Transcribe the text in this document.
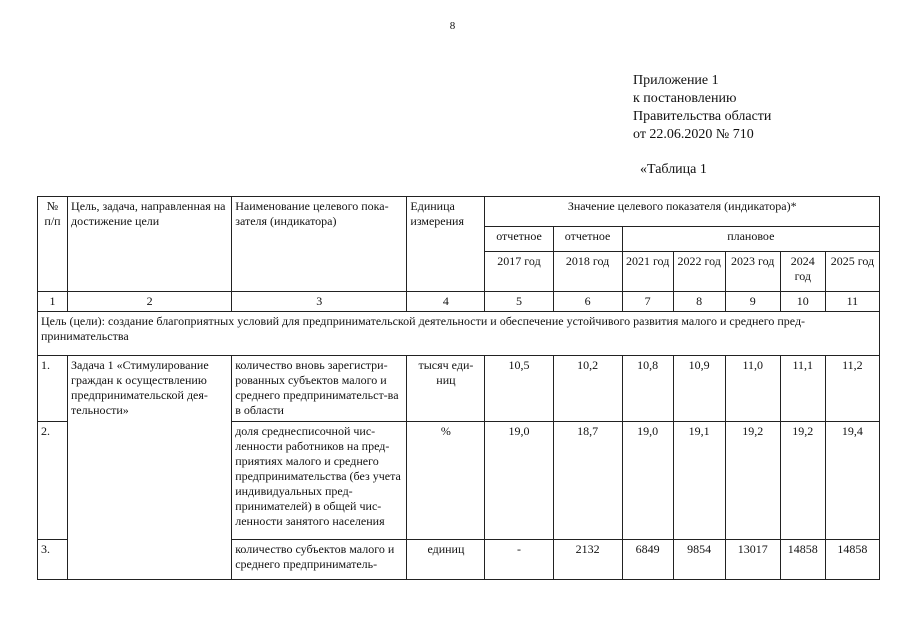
8
Приложение 1
к постановлению
Правительства области
от 22.06.2020 № 710
«Таблица 1
№ п/п	Цель, задача, направленная на достижение цели	Наименование целевого пока-зателя (индикатора)	Единица измерения	Значение целевого показателя (индикатора)*						
				отчетное	отчетное	плановое				
				2017 год	2018 год	2021 год	2022 год	2023 год	2024 год	2025 год
1	2	3	4	5	6	7	8	9	10	11
Цель (цели): создание благоприятных условий для предпринимательской деятельности и обеспечение устойчивого развития малого и среднего пред-принимательства										
1.	Задача 1 «Стимулирование граждан к осуществлению предпринимательской дея-тельности»	количество вновь зарегистри-рованных субъектов малого и среднего предпринимательст-ва в области	тысяч еди-ниц	10,5	10,2	10,8	10,9	11,0	11,1	11,2
2.		доля среднесписочной чис-ленности работников на пред-приятиях малого и среднего предпринимательства (без учета индивидуальных пред-принимателей) в общей чис-ленности занятого населения	%	19,0	18,7	19,0	19,1	19,2	19,2	19,4
3.		количество субъектов малого и среднего предприниматель-	единиц	-	2132	6849	9854	13017	14858	14858
